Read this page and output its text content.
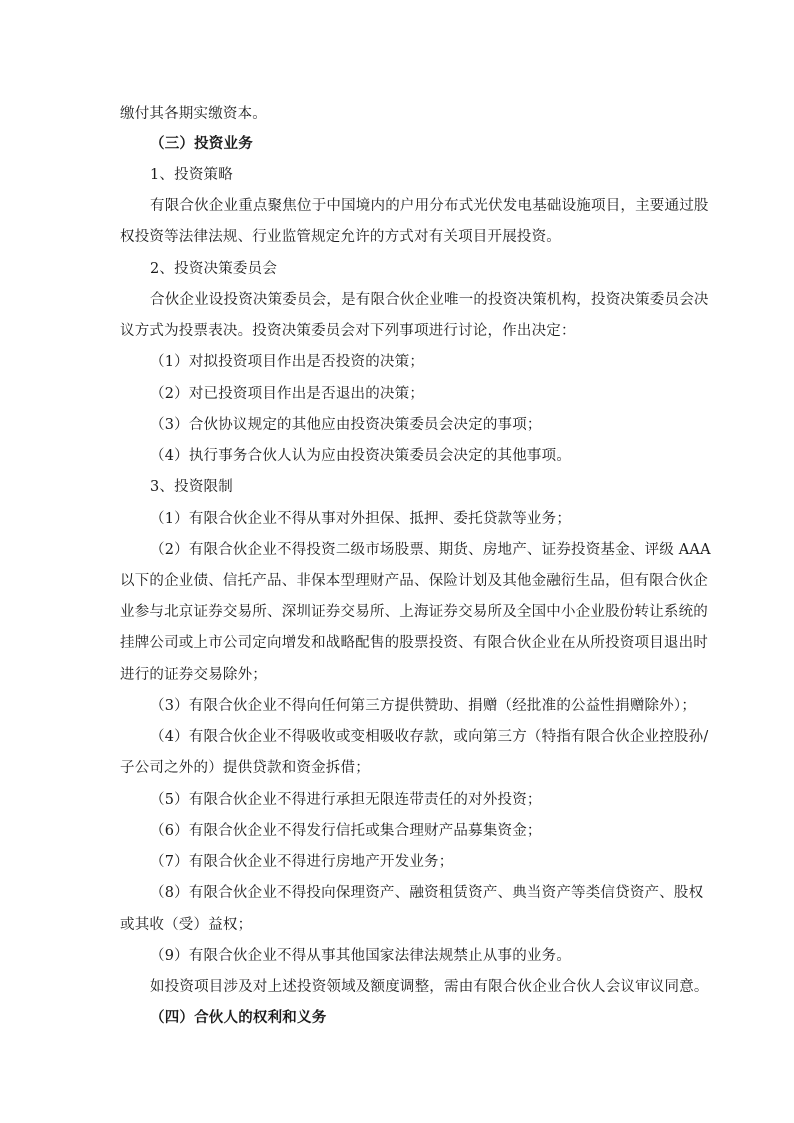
缴付其各期实缴资本。
（三）投资业务
1、投资策略
有限合伙企业重点聚焦位于中国境内的户用分布式光伏发电基础设施项目，主要通过股
权投资等法律法规、行业监管规定允许的方式对有关项目开展投资。
2、投资决策委员会
合伙企业设投资决策委员会，是有限合伙企业唯一的投资决策机构，投资决策委员会决
议方式为投票表决。投资决策委员会对下列事项进行讨论，作出决定：
（1）对拟投资项目作出是否投资的决策；
（2）对已投资项目作出是否退出的决策；
（3）合伙协议规定的其他应由投资决策委员会决定的事项；
（4）执行事务合伙人认为应由投资决策委员会决定的其他事项。
3、投资限制
（1）有限合伙企业不得从事对外担保、抵押、委托贷款等业务；
（2）有限合伙企业不得投资二级市场股票、期货、房地产、证券投资基金、评级 AAA
以下的企业债、信托产品、非保本型理财产品、保险计划及其他金融衍生品，但有限合伙企
业参与北京证券交易所、深圳证券交易所、上海证券交易所及全国中小企业股份转让系统的
挂牌公司或上市公司定向增发和战略配售的股票投资、有限合伙企业在从所投资项目退出时
进行的证券交易除外；
（3）有限合伙企业不得向任何第三方提供赞助、捐赠（经批准的公益性捐赠除外）；
（4）有限合伙企业不得吸收或变相吸收存款，或向第三方（特指有限合伙企业控股孙/
子公司之外的）提供贷款和资金拆借；
（5）有限合伙企业不得进行承担无限连带责任的对外投资；
（6）有限合伙企业不得发行信托或集合理财产品募集资金；
（7）有限合伙企业不得进行房地产开发业务；
（8）有限合伙企业不得投向保理资产、融资租赁资产、典当资产等类信贷资产、股权
或其收（受）益权；
（9）有限合伙企业不得从事其他国家法律法规禁止从事的业务。
如投资项目涉及对上述投资领域及额度调整，需由有限合伙企业合伙人会议审议同意。
（四）合伙人的权利和义务
